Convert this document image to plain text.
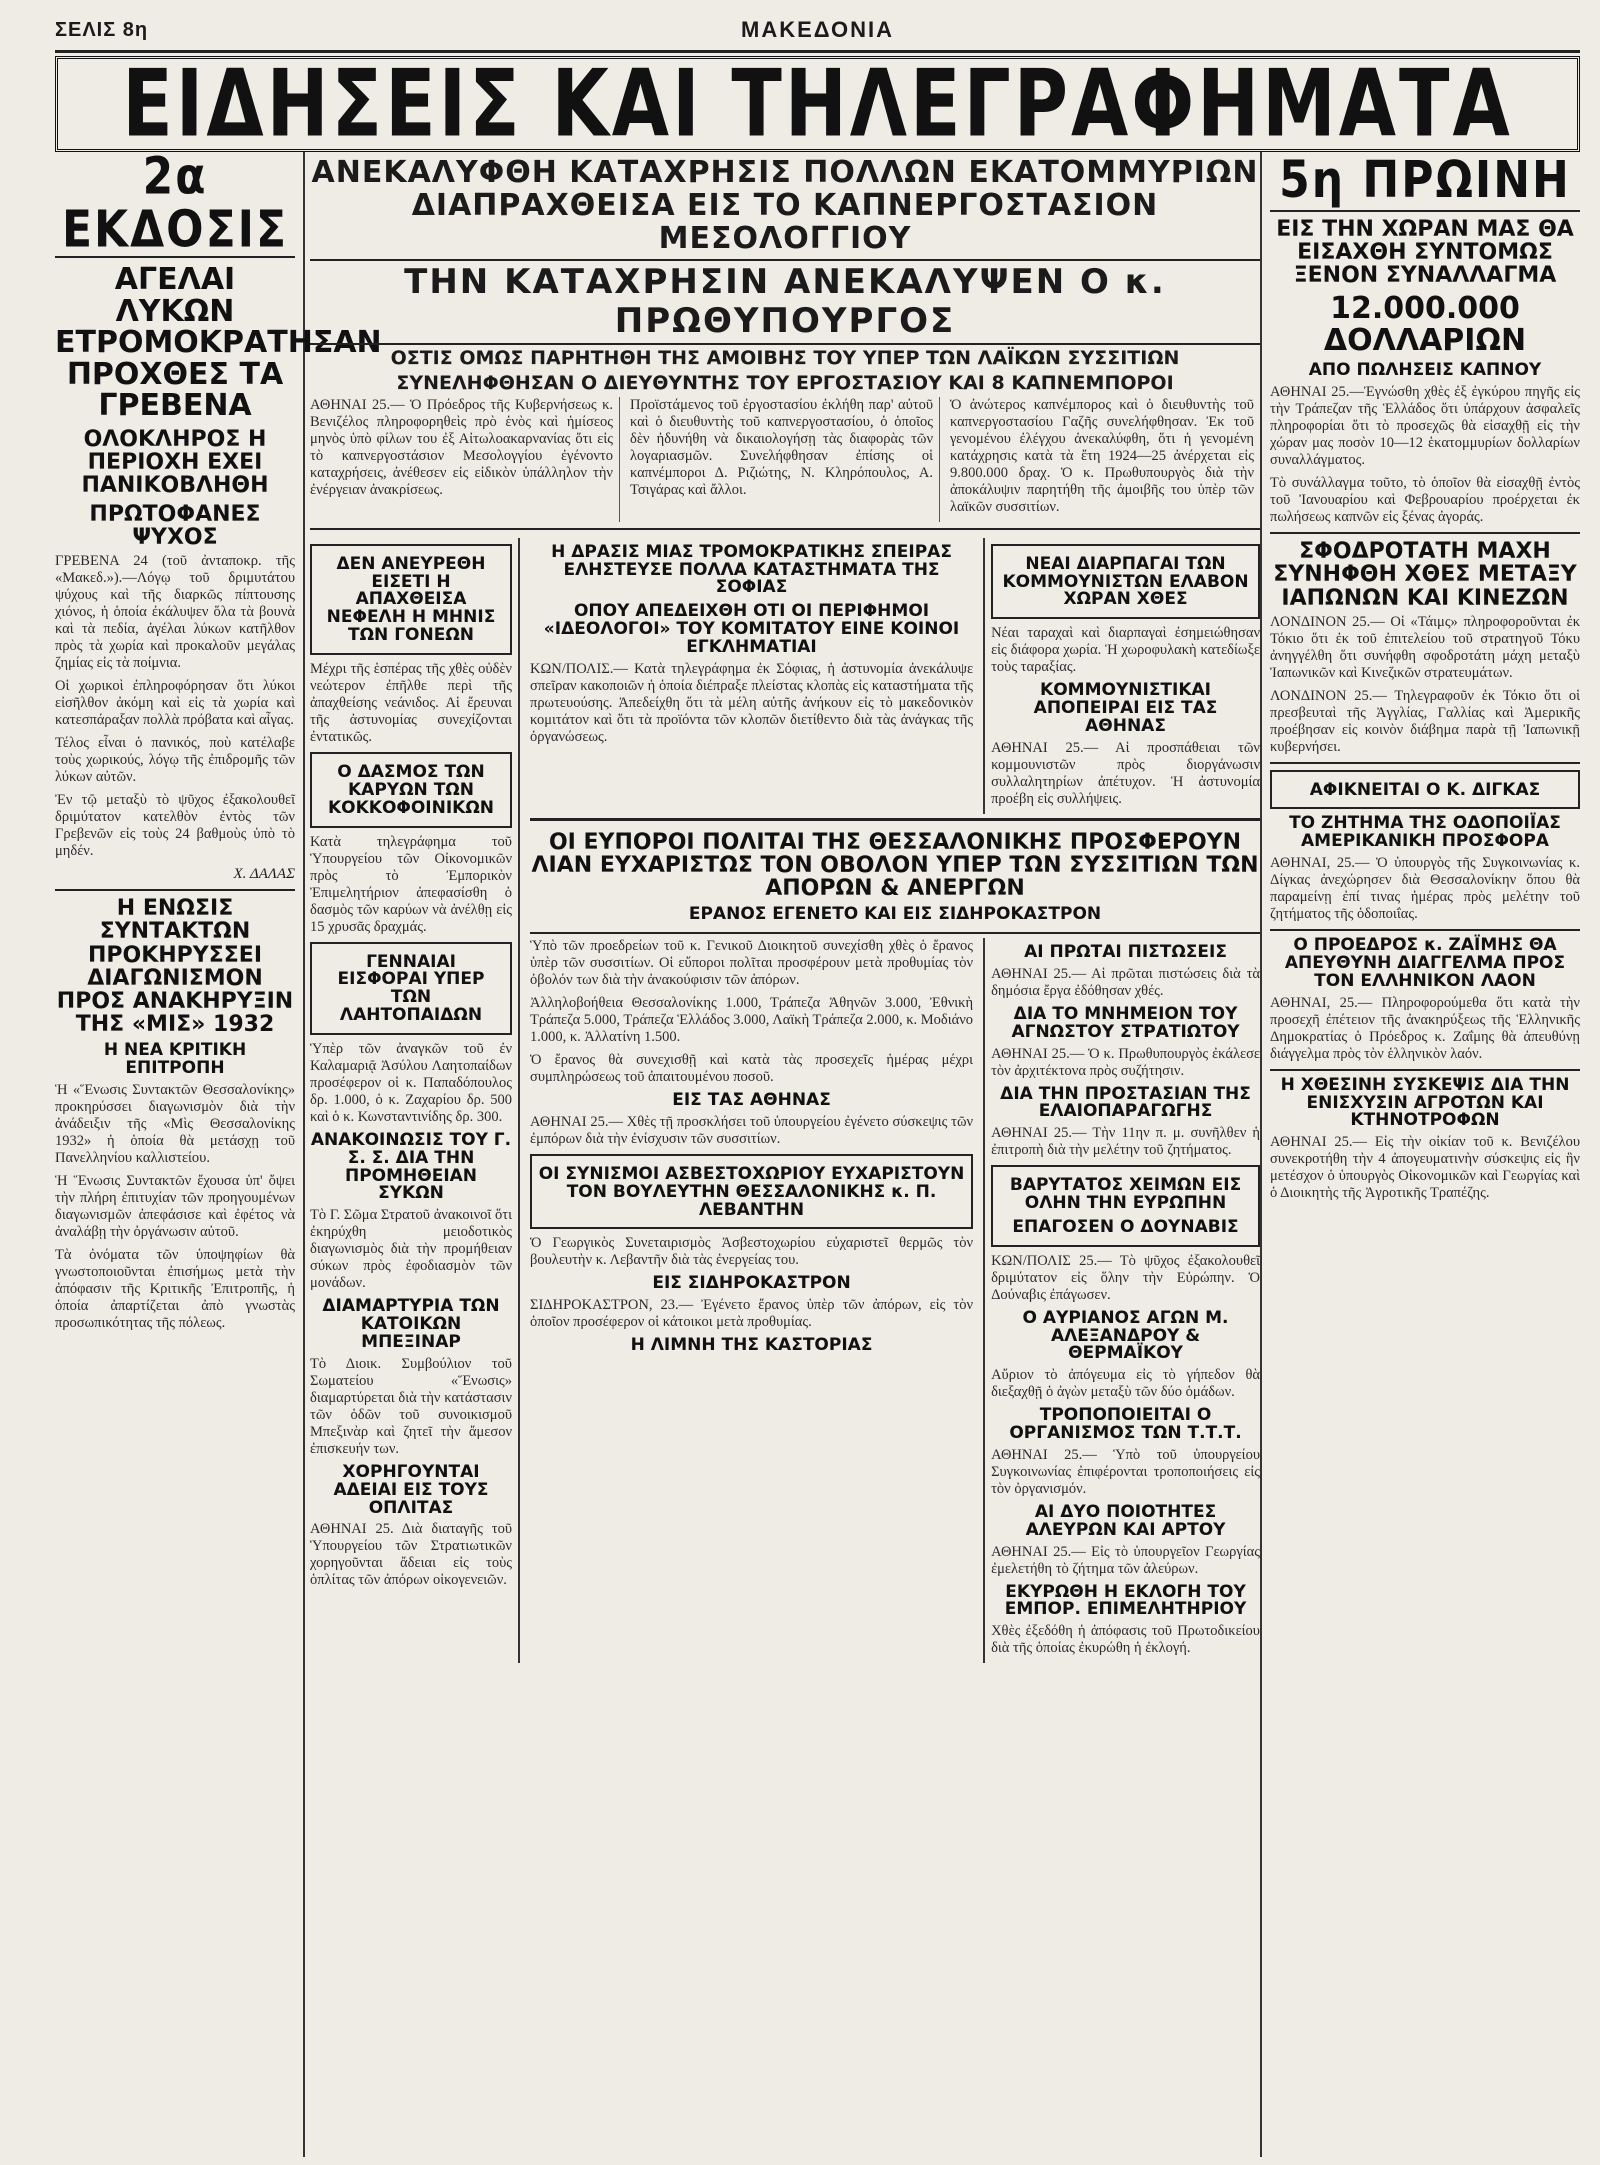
ΣΕΛΙΣ 8η	ΜΑΚΕΔΟΝΙΑ
ΕΙΔΗΣΕΙΣ ΚΑΙ ΤΗΛΕΓΡΑΦΗΜΑΤΑ
2α ΕΚΔΟΣΙΣ
ΑΓΕΛΑΙ ΛΥΚΩΝ ΕΤΡΟΜΟΚΡΑΤΗΣΑΝ ΠΡΟΧΘΕΣ ΤΑ ΓΡΕΒΕΝΑ
ΟΛΟΚΛΗΡΟΣ Η ΠΕΡΙΟΧΗ ΕΧΕΙ ΠΑΝΙΚΟΒΛΗΘΗ
ΠΡΩΤΟΦΑΝΕΣ ΨΥΧΟΣ

ΓΡΕΒΕΝΑ 24 (τοῦ ἀνταποκρ. τῆς «Μακεδ.»).—Λόγῳ τοῦ δριμυτάτου ψύχους καὶ τῆς διαρκῶς πίπτουσης χιόνος, ἡ ὁποία ἐκάλυψεν ὅλα τὰ βουνὰ καὶ τὰ πεδία, ἀγέλαι λύκων κατῆλθον πρὸς τὰ χωρία καὶ προκαλοῦν μεγάλας ζημίας εἰς τὰ ποίμνια.

Οἱ χωρικοὶ ἐπληροφόρησαν ὅτι λύκοι εἰσῆλθον ἀκόμη καὶ εἰς τὰ χωρία καὶ κατεσπάραξαν πολλὰ πρόβατα καὶ αἶγας.

Τέλος εἶναι ὁ πανικός, ποὺ κατέλαβε τοὺς χωρικούς, λόγῳ τῆς ἐπιδρομῆς τῶν λύκων αὐτῶν.

Ἐν τῷ μεταξὺ τὸ ψῦχος ἐξακολουθεῖ δριμύτατον κατελθὸν ἐντὸς τῶν Γρεβενῶν εἰς τοὺς 24 βαθμοὺς ὑπὸ τὸ μηδέν.

Χ. ΔΑΛΑΣ
Η ΕΝΩΣΙΣ ΣΥΝΤΑΚΤΩΝ ΠΡΟΚΗΡΥΣΣΕΙ ΔΙΑΓΩΝΙΣΜΟΝ ΠΡΟΣ ΑΝΑΚΗΡΥΞΙΝ ΤΗΣ «ΜΙΣ» 1932
Η ΝΕΑ ΚΡΙΤΙΚΗ ΕΠΙΤΡΟΠΗ

Ἡ «Ἕνωσις Συντακτῶν Θεσσαλονίκης» προκηρύσσει διαγωνισμὸν διὰ τὴν ἀνάδειξιν τῆς «Μὶς Θεσσαλονίκης 1932» ἡ ὁποία θὰ μετάσχῃ τοῦ Πανελληνίου καλλιστείου.

Ἡ Ἕνωσις Συντακτῶν ἔχουσα ὑπ' ὄψει τὴν πλήρη ἐπιτυχίαν τῶν προηγουμένων διαγωνισμῶν ἀπεφάσισε καὶ ἐφέτος νὰ ἀναλάβῃ τὴν ὀργάνωσιν αὐτοῦ.

Τὰ ὀνόματα τῶν ὑποψηφίων θὰ γνωστοποιοῦνται ἐπισήμως μετὰ τὴν ἀπόφασιν τῆς Κριτικῆς Ἐπιτροπῆς, ἡ ὁποία ἀπαρτίζεται ἀπὸ γνωστὰς προσωπικότητας τῆς πόλεως.

ΑΝΕΚΑΛΥΦΘΗ ΚΑΤΑΧΡΗΣΙΣ ΠΟΛΛΩΝ ΕΚΑΤΟΜΜΥΡΙΩΝ ΔΙΑΠΡΑΧΘΕΙΣΑ ΕΙΣ ΤΟ ΚΑΠΝΕΡΓΟΣΤΑΣΙΟΝ ΜΕΣΟΛΟΓΓΙΟΥ
ΤΗΝ ΚΑΤΑΧΡΗΣΙΝ ΑΝΕΚΑΛΥΨΕΝ Ο κ. ΠΡΩΘΥΠΟΥΡΓΟΣ
ΟΣΤΙΣ ΟΜΩΣ ΠΑΡΗΤΗΘΗ ΤΗΣ ΑΜΟΙΒΗΣ ΤΟΥ ΥΠΕΡ ΤΩΝ ΛΑΪΚΩΝ ΣΥΣΣΙΤΙΩΝ
ΣΥΝΕΛΗΦΘΗΣΑΝ Ο ΔΙΕΥΘΥΝΤΗΣ ΤΟΥ ΕΡΓΟΣΤΑΣΙΟΥ ΚΑΙ 8 ΚΑΠΝΕΜΠΟΡΟΙ

ΑΘΗΝΑΙ 25.— Ὁ Πρόεδρος τῆς Κυβερνήσεως κ. Βενιζέλος πληροφορηθεὶς πρὸ ἑνὸς καὶ ἡμίσεος μηνὸς ὑπὸ φίλων του ἐξ Αἰτωλοακαρνανίας ὅτι εἰς τὸ καπνεργοστάσιον Μεσολογγίου ἐγένοντο καταχρήσεις, ἀνέθεσεν εἰς εἰδικὸν ὑπάλληλον τὴν ἐνέργειαν ἀνακρίσεως.

Προϊστάμενος τοῦ ἐργοστασίου ἐκλήθη παρ' αὐτοῦ καὶ ὁ διευθυντὴς τοῦ καπνεργοστασίου, ὁ ὁποῖος δὲν ἠδυνήθη νὰ δικαιολογήσῃ τὰς διαφορὰς τῶν λογαριασμῶν. Συνελήφθησαν ἐπίσης οἱ καπνέμποροι Δ. Ριζιώτης, Ν. Κληρόπουλος, Α. Τσιγάρας καὶ ἄλλοι.

Ὁ ἀνώτερος καπνέμπορος καὶ ὁ διευθυντὴς τοῦ καπνεργοστασίου Γαζῆς συνελήφθησαν. Ἐκ τοῦ γενομένου ἐλέγχου ἀνεκαλύφθη, ὅτι ἡ γενομένη κατάχρησις κατὰ τὰ ἔτη 1924—25 ἀνέρχεται εἰς 9.800.000 δραχ. Ὁ κ. Πρωθυπουργὸς διὰ τὴν ἀποκάλυψιν παρητήθη τῆς ἀμοιβῆς του ὑπὲρ τῶν λαϊκῶν συσσιτίων.

ΔΕΝ ΑΝΕΥΡΕΘΗ ΕΙΣΕΤΙ Η ΑΠΑΧΘΕΙΣΑ ΝΕΦΕΛΗ Η ΜΗΝΙΣ ΤΩΝ ΓΟΝΕΩΝ

Μέχρι τῆς ἑσπέρας τῆς χθὲς οὐδὲν νεώτερον ἐπῆλθε περὶ τῆς ἀπαχθείσης νεάνιδος. Αἱ ἔρευναι τῆς ἀστυνομίας συνεχίζονται ἐντατικῶς.

Ο ΔΑΣΜΟΣ ΤΩΝ ΚΑΡΥΩΝ ΤΩΝ ΚΟΚΚΟΦΟΙΝΙΚΩΝ

Κατὰ τηλεγράφημα τοῦ Ὑπουργείου τῶν Οἰκονομικῶν πρὸς τὸ Ἐμπορικὸν Ἐπιμελητήριον ἀπεφασίσθη ὁ δασμὸς τῶν καρύων νὰ ἀνέλθῃ εἰς 15 χρυσᾶς δραχμάς.

ΓΕΝΝΑΙΑΙ ΕΙΣΦΟΡΑΙ ΥΠΕΡ ΤΩΝ ΛΑΗΤΟΠΑΙΔΩΝ

Ὑπὲρ τῶν ἀναγκῶν τοῦ ἐν Καλαμαριᾷ Ἀσύλου Λαητοπαίδων προσέφερον οἱ κ. Παπαδόπουλος δρ. 1.000, ὁ κ. Ζαχαρίου δρ. 500 καὶ ὁ κ. Κωνσταντινίδης δρ. 300.

ΑΝΑΚΟΙΝΩΣΙΣ ΤΟΥ Γ. Σ. Σ. ΔΙΑ ΤΗΝ ΠΡΟΜΗΘΕΙΑΝ ΣΥΚΩΝ

Τὸ Γ. Σῶμα Στρατοῦ ἀνακοινοῖ ὅτι ἐκηρύχθη μειοδοτικὸς διαγωνισμὸς διὰ τὴν προμήθειαν σύκων πρὸς ἐφοδιασμὸν τῶν μονάδων.

ΔΙΑΜΑΡΤΥΡΙΑ ΤΩΝ ΚΑΤΟΙΚΩΝ ΜΠΕΞΙΝΑΡ

Τὸ Διοικ. Συμβούλιον τοῦ Σωματείου «Ἕνωσις» διαμαρτύρεται διὰ τὴν κατάστασιν τῶν ὁδῶν τοῦ συνοικισμοῦ Μπεξινὰρ καὶ ζητεῖ τὴν ἄμεσον ἐπισκευήν των.

ΧΟΡΗΓΟΥΝΤΑΙ ΑΔΕΙΑΙ ΕΙΣ ΤΟΥΣ ΟΠΛΙΤΑΣ

ΑΘΗΝΑΙ 25. Διὰ διαταγῆς τοῦ Ὑπουργείου τῶν Στρατιωτικῶν χορηγοῦνται ἄδειαι εἰς τοὺς ὁπλίτας τῶν ἀπόρων οἰκογενειῶν.

Η ΔΡΑΣΙΣ ΜΙΑΣ ΤΡΟΜΟΚΡΑΤΙΚΗΣ ΣΠΕΙΡΑΣ ΕΛΗΣΤΕΥΣΕ ΠΟΛΛΑ ΚΑΤΑΣΤΗΜΑΤΑ ΤΗΣ ΣΟΦΙΑΣ
ΟΠΟΥ ΑΠΕΔΕΙΧΘΗ ΟΤΙ ΟΙ ΠΕΡΙΦΗΜΟΙ «ΙΔΕΟΛΟΓΟΙ» ΤΟΥ ΚΟΜΙΤΑΤΟΥ ΕΙΝΕ ΚΟΙΝΟΙ ΕΓΚΛΗΜΑΤΙΑΙ

ΚΩΝ/ΠΟΛΙΣ.— Κατὰ τηλεγράφημα ἐκ Σόφιας, ἡ ἀστυνομία ἀνεκάλυψε σπεῖραν κακοποιῶν ἡ ὁποία διέπραξε πλείστας κλοπὰς εἰς καταστήματα τῆς πρωτευούσης. Ἀπεδείχθη ὅτι τὰ μέλη αὐτῆς ἀνήκουν εἰς τὸ μακεδονικὸν κομιτάτον καὶ ὅτι τὰ προϊόντα τῶν κλοπῶν διετίθεντο διὰ τὰς ἀνάγκας τῆς ὀργανώσεως.

ΝΕΑΙ ΔΙΑΡΠΑΓΑΙ ΤΩΝ ΚΟΜΜΟΥΝΙΣΤΩΝ ΕΛΑΒΟΝ ΧΩΡΑΝ ΧΘΕΣ

Νέαι ταραχαὶ καὶ διαρπαγαὶ ἐσημειώθησαν εἰς διάφορα χωρία. Ἡ χωροφυλακὴ κατεδίωξε τοὺς ταραξίας.

ΚΟΜΜΟΥΝΙΣΤΙΚΑΙ ΑΠΟΠΕΙΡΑΙ ΕΙΣ ΤΑΣ ΑΘΗΝΑΣ

ΑΘΗΝΑΙ 25.— Αἱ προσπάθειαι τῶν κομμουνιστῶν πρὸς διοργάνωσιν συλλαλητηρίων ἀπέτυχον. Ἡ ἀστυνομία προέβη εἰς συλλήψεις.

ΟΙ ΕΥΠΟΡΟΙ ΠΟΛΙΤΑΙ ΤΗΣ ΘΕΣΣΑΛΟΝΙΚΗΣ ΠΡΟΣΦΕΡΟΥΝ ΛΙΑΝ ΕΥΧΑΡΙΣΤΩΣ ΤΟΝ ΟΒΟΛΟΝ ΥΠΕΡ ΤΩΝ ΣΥΣΣΙΤΙΩΝ ΤΩΝ ΑΠΟΡΩΝ & ΑΝΕΡΓΩΝ
ΕΡΑΝΟΣ ΕΓΕΝΕΤΟ ΚΑΙ ΕΙΣ ΣΙΔΗΡΟΚΑΣΤΡΟΝ

Ὑπὸ τῶν προεδρείων τοῦ κ. Γενικοῦ Διοικητοῦ συνεχίσθη χθὲς ὁ ἔρανος ὑπὲρ τῶν συσσιτίων. Οἱ εὔποροι πολῖται προσφέρουν μετὰ προθυμίας τὸν ὀβολόν των διὰ τὴν ἀνακούφισιν τῶν ἀπόρων.

Ἀλληλοβοήθεια Θεσσαλονίκης 1.000, Τράπεζα Ἀθηνῶν 3.000, Ἐθνικὴ Τράπεζα 5.000, Τράπεζα Ἑλλάδος 3.000, Λαϊκὴ Τράπεζα 2.000, κ. Μοδιάνο 1.000, κ. Ἀλλατίνη 1.500.

Ὁ ἔρανος θὰ συνεχισθῇ καὶ κατὰ τὰς προσεχεῖς ἡμέρας μέχρι συμπληρώσεως τοῦ ἀπαιτουμένου ποσοῦ.

ΕΙΣ ΤΑΣ ΑΘΗΝΑΣ

ΑΘΗΝΑΙ 25.— Χθὲς τῇ προσκλήσει τοῦ ὑπουργείου ἐγένετο σύσκεψις τῶν ἐμπόρων διὰ τὴν ἐνίσχυσιν τῶν συσσιτίων.

ΟΙ ΣΥΝΙΣΜΟΙ ΑΣΒΕΣΤΟΧΩΡΙΟΥ ΕΥΧΑΡΙΣΤΟΥΝ ΤΟΝ ΒΟΥΛΕΥΤΗΝ ΘΕΣΣΑΛΟΝΙΚΗΣ κ. Π. ΛΕΒΑΝΤΗΝ

Ὁ Γεωργικὸς Συνεταιρισμὸς Ἀσβεστοχωρίου εὐχαριστεῖ θερμῶς τὸν βουλευτὴν κ. Λεβαντῆν διὰ τὰς ἐνεργείας του.

ΕΙΣ ΣΙΔΗΡΟΚΑΣΤΡΟΝ

ΣΙΔΗΡΟΚΑΣΤΡΟΝ, 23.— Ἐγένετο ἔρανος ὑπὲρ τῶν ἀπόρων, εἰς τὸν ὁποῖον προσέφερον οἱ κάτοικοι μετὰ προθυμίας.

Η ΛΙΜΝΗ ΤΗΣ ΚΑΣΤΟΡΙΑΣ
ΑΙ ΠΡΩΤΑΙ ΠΙΣΤΩΣΕΙΣ

ΑΘΗΝΑΙ 25.— Αἱ πρῶται πιστώσεις διὰ τὰ δημόσια ἔργα ἐδόθησαν χθές.

ΔΙΑ ΤΟ ΜΝΗΜΕΙΟΝ ΤΟΥ ΑΓΝΩΣΤΟΥ ΣΤΡΑΤΙΩΤΟΥ

ΑΘΗΝΑΙ 25.— Ὁ κ. Πρωθυπουργὸς ἐκάλεσε τὸν ἀρχιτέκτονα πρὸς συζήτησιν.

ΔΙΑ ΤΗΝ ΠΡΟΣΤΑΣΙΑΝ ΤΗΣ ΕΛΑΙΟΠΑΡΑΓΩΓΗΣ

ΑΘΗΝΑΙ 25.— Τὴν 11ην π. μ. συνῆλθεν ἡ ἐπιτροπὴ διὰ τὴν μελέτην τοῦ ζητήματος.

ΒΑΡΥΤΑΤΟΣ ΧΕΙΜΩΝ ΕΙΣ ΟΛΗΝ ΤΗΝ ΕΥΡΩΠΗΝ
ΕΠΑΓΟΣΕΝ Ο ΔΟΥΝΑΒΙΣ

ΚΩΝ/ΠΟΛΙΣ 25.— Τὸ ψῦχος ἐξακολουθεῖ δριμύτατον εἰς ὅλην τὴν Εὐρώπην. Ὁ Δούναβις ἐπάγωσεν.

Ο ΑΥΡΙΑΝΟΣ ΑΓΩΝ Μ. ΑΛΕΞΑΝΔΡΟΥ & ΘΕΡΜΑΪΚΟΥ

Αὔριον τὸ ἀπόγευμα εἰς τὸ γήπεδον θὰ διεξαχθῇ ὁ ἀγὼν μεταξὺ τῶν δύο ὁμάδων.

ΤΡΟΠΟΠΟΙΕΙΤΑΙ Ο ΟΡΓΑΝΙΣΜΟΣ ΤΩΝ Τ.Τ.Τ.

ΑΘΗΝΑΙ 25.— Ὑπὸ τοῦ ὑπουργείου Συγκοινωνίας ἐπιφέρονται τροποποιήσεις εἰς τὸν ὀργανισμόν.

ΑΙ ΔΥΟ ΠΟΙΟΤΗΤΕΣ ΑΛΕΥΡΩΝ ΚΑΙ ΑΡΤΟΥ

ΑΘΗΝΑΙ 25.— Εἰς τὸ ὑπουργεῖον Γεωργίας ἐμελετήθη τὸ ζήτημα τῶν ἀλεύρων.

ΕΚΥΡΩΘΗ Η ΕΚΛΟΓΗ ΤΟΥ ΕΜΠΟΡ. ΕΠΙΜΕΛΗΤΗΡΙΟΥ

Χθὲς ἐξεδόθη ἡ ἀπόφασις τοῦ Πρωτοδικείου διὰ τῆς ὁποίας ἐκυρώθη ἡ ἐκλογή.

5η ΠΡΩΙΝΗ
ΕΙΣ ΤΗΝ ΧΩΡΑΝ ΜΑΣ ΘΑ ΕΙΣΑΧΘΗ ΣΥΝΤΟΜΩΣ ΞΕΝΟΝ ΣΥΝΑΛΛΑΓΜΑ
12.000.000 ΔΟΛΛΑΡΙΩΝ
ΑΠΟ ΠΩΛΗΣΕΙΣ ΚΑΠΝΟΥ

ΑΘΗΝΑΙ 25.—Ἐγνώσθη χθὲς ἐξ ἐγκύρου πηγῆς εἰς τὴν Τράπεζαν τῆς Ἑλλάδος ὅτι ὑπάρχουν ἀσφαλεῖς πληροφορίαι ὅτι τὸ προσεχῶς θὰ εἰσαχθῇ εἰς τὴν χώραν μας ποσὸν 10—12 ἑκατομμυρίων δολλαρίων συναλλάγματος.

Τὸ συνάλλαγμα τοῦτο, τὸ ὁποῖον θὰ εἰσαχθῇ ἐντὸς τοῦ Ἰανουαρίου καὶ Φεβρουαρίου προέρχεται ἐκ πωλήσεως καπνῶν εἰς ξένας ἀγοράς.

ΣΦΟΔΡΟΤΑΤΗ ΜΑΧΗ ΣΥΝΗΦΘΗ ΧΘΕΣ ΜΕΤΑΞΥ ΙΑΠΩΝΩΝ ΚΑΙ ΚΙΝΕΖΩΝ

ΛΟΝΔΙΝΟΝ 25.— Οἱ «Τάιμς» πληροφοροῦνται ἐκ Τόκιο ὅτι ἐκ τοῦ ἐπιτελείου τοῦ στρατηγοῦ Τόκυ ἀνηγγέλθη ὅτι συνήφθη σφοδροτάτη μάχη μεταξὺ Ἰαπωνικῶν καὶ Κινεζικῶν στρατευμάτων.

ΛΟΝΔΙΝΟΝ 25.— Τηλεγραφοῦν ἐκ Τόκιο ὅτι οἱ πρεσβευταὶ τῆς Ἀγγλίας, Γαλλίας καὶ Ἀμερικῆς προέβησαν εἰς κοινὸν διάβημα παρὰ τῇ Ἰαπωνικῇ κυβερνήσει.

ΑΦΙΚΝΕΙΤΑΙ Ο Κ. ΔΙΓΚΑΣ
ΤΟ ΖΗΤΗΜΑ ΤΗΣ ΟΔΟΠΟΙΪΑΣ ΑΜΕΡΙΚΑΝΙΚΗ ΠΡΟΣΦΟΡΑ

ΑΘΗΝΑΙ, 25.— Ὁ ὑπουργὸς τῆς Συγκοινωνίας κ. Δίγκας ἀνεχώρησεν διὰ Θεσσαλονίκην ὅπου θὰ παραμείνῃ ἐπί τινας ἡμέρας πρὸς μελέτην τοῦ ζητήματος τῆς ὁδοποιΐας.

Ο ΠΡΟΕΔΡΟΣ κ. ΖΑΪΜΗΣ ΘΑ ΑΠΕΥΘΥΝΗ ΔΙΑΓΓΕΛΜΑ ΠΡΟΣ ΤΟΝ ΕΛΛΗΝΙΚΟΝ ΛΑΟΝ

ΑΘΗΝΑΙ, 25.— Πληροφορούμεθα ὅτι κατὰ τὴν προσεχῆ ἐπέτειον τῆς ἀνακηρύξεως τῆς Ἑλληνικῆς Δημοκρατίας ὁ Πρόεδρος κ. Ζαΐμης θὰ ἀπευθύνῃ διάγγελμα πρὸς τὸν ἑλληνικὸν λαόν.

Η ΧΘΕΣΙΝΗ ΣΥΣΚΕΨΙΣ ΔΙΑ ΤΗΝ ΕΝΙΣΧΥΣΙΝ ΑΓΡΟΤΩΝ ΚΑΙ ΚΤΗΝΟΤΡΟΦΩΝ

ΑΘΗΝΑΙ 25.— Εἰς τὴν οἰκίαν τοῦ κ. Βενιζέλου συνεκροτήθη τὴν 4 ἀπογευματινὴν σύσκεψις εἰς ἣν μετέσχον ὁ ὑπουργὸς Οἰκονομικῶν καὶ Γεωργίας καὶ ὁ Διοικητὴς τῆς Ἀγροτικῆς Τραπέζης.
